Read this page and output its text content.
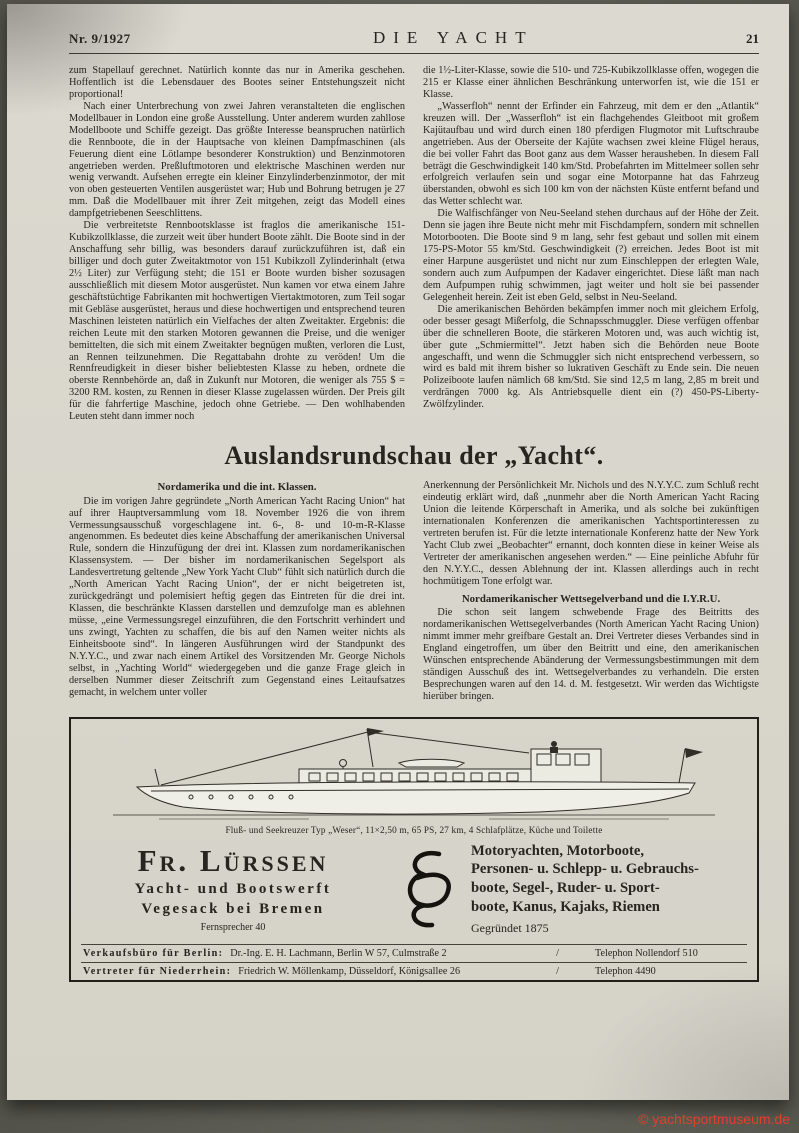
Nr. 9/1927	DIE YACHT	21

zum Stapellauf gerechnet. Natürlich konnte das nur in Amerika geschehen. Hoffentlich ist die Lebensdauer des Bootes seiner Entstehungszeit nicht proportional!

Nach einer Unterbrechung von zwei Jahren veranstalteten die englischen Modellbauer in London eine große Ausstellung. Unter anderem wurden zahllose Modellboote und Schiffe gezeigt. Das größte Interesse beanspruchen natürlich die Rennboote, die in der Hauptsache von kleinen Dampfmaschinen (als Feuerung dient eine Lötlampe besonderer Konstruktion) und Benzinmotoren angetrieben werden. Preßluftmotoren und elektrische Maschinen werden nur wenig verwandt. Aufsehen erregte ein kleiner Einzylinderbenzinmotor, der mit von oben gesteuerten Ventilen ausgerüstet war; Hub und Bohrung betrugen je 27 mm. Daß die Modellbauer mit ihrer Zeit mitgehen, zeigt das Modell eines dampfgetriebenen Seeschlittens.

Die verbreitetste Rennbootsklasse ist fraglos die amerikanische 151-Kubikzollklasse, die zurzeit weit über hundert Boote zählt. Die Boote sind in der Anschaffung sehr billig, was besonders darauf zurückzuführen ist, daß ein billiger und doch guter Zweitaktmotor von 151 Kubikzoll Zylinderinhalt (etwa 2½ Liter) zur Verfügung steht; die 151 er Boote wurden bisher sozusagen ausschließlich mit diesem Motor ausgerüstet. Nun kamen vor etwa einem Jahre geschäftstüchtige Fabrikanten mit hochwertigen Viertaktmotoren, zum Teil sogar mit Gebläse ausgerüstet, heraus und diese hochwertigen und entsprechend teuren Maschinen leisteten natürlich ein Vielfaches der alten Zweitakter. Ergebnis: die reichen Leute mit den starken Motoren gewannen die Preise, und die weniger bemittelten, die sich mit einem Zweitakter begnügen mußten, verloren die Lust, an Rennen teilzunehmen. Die Regattabahn drohte zu veröden! Um die Rennfreudigkeit in dieser bisher beliebtesten Klasse zu heben, ordnete die oberste Rennbehörde an, daß in Zukunft nur Motoren, die weniger als 755 $ = 3200 RM. kosten, zu Rennen in dieser Klasse zugelassen würden. Der Preis gilt für die fahrfertige Maschine, jedoch ohne Getriebe. — Den wohlhabenden Leuten steht dann immer noch

die 1½-Liter-Klasse, sowie die 510- und 725-Kubikzollklasse offen, wogegen die 215 er Klasse einer ähnlichen Beschränkung unterworfen ist, wie die 151 er Klasse.

„Wasserfloh“ nennt der Erfinder ein Fahrzeug, mit dem er den „Atlantik“ kreuzen will. Der „Wasserfloh“ ist ein flachgehendes Gleitboot mit großem Kajütaufbau und wird durch einen 180 pferdigen Flugmotor mit Luftschraube angetrieben. Aus der Oberseite der Kajüte wachsen zwei kleine Flügel heraus, die bei voller Fahrt das Boot ganz aus dem Wasser herausheben. In diesem Fall beträgt die Geschwindigkeit 140 km/Std. Probefahrten im Mittelmeer sollen sehr erfolgreich verlaufen sein und sogar eine Motorpanne hat das Fahrzeug überstanden, obwohl es sich 100 km von der nächsten Küste entfernt befand und das Wetter schlecht war.

Die Walfischfänger von Neu-Seeland stehen durchaus auf der Höhe der Zeit. Denn sie jagen ihre Beute nicht mehr mit Fischdampfern, sondern mit schnellen Motorbooten. Die Boote sind 9 m lang, sehr fest gebaut und sollen mit einem 175-PS-Motor 55 km/Std. Geschwindigkeit (?) erreichen. Jedes Boot ist mit einer Harpune ausgerüstet und nicht nur zum Einschleppen der erlegten Wale, sondern auch zum Aufpumpen der Kadaver eingerichtet. Diese läßt man nach dem Aufpumpen ruhig schwimmen, jagt weiter und holt sie bei passender Gelegenheit herein. Zeit ist eben Geld, selbst in Neu-Seeland.

Die amerikanischen Behörden bekämpfen immer noch mit gleichem Erfolg, oder besser gesagt Mißerfolg, die Schnapsschmuggler. Diese verfügen offenbar über die schnelleren Boote, die stärkeren Motoren und, was auch wichtig ist, über gute „Schmiermittel“. Jetzt haben sich die Behörden neue Boote angeschafft, und wenn die Schmuggler sich nicht entsprechend verbessern, so wird es bald mit ihrem bisher so lukrativen Geschäft zu Ende sein. Die neuen Polizeiboote laufen nämlich 68 km/Std. Sie sind 12,5 m lang, 2,85 m breit und verdrängen 7000 kg. Als Antriebsquelle dient ein (?) 450-PS-Liberty-Zwölfzylinder.

Auslandsrundschau der „Yacht“.
Nordamerika und die int. Klassen.

Die im vorigen Jahre gegründete „North American Yacht Racing Union“ hat auf ihrer Hauptversammlung vom 18. November 1926 die von ihrem Vermessungsausschuß vorgeschlagene int. 6-, 8- und 10-m-R-Klasse angenommen. Es bedeutet dies keine Abschaffung der amerikanischen Universal Rule, sondern die Hinzufügung der drei int. Klassen zum nordamerikanischen Klassensystem. — Der bisher im nordamerikanischen Segelsport als Landesvertretung geltende „New York Yacht Club“ fühlt sich natürlich durch die „North American Yacht Racing Union“, der er nicht beigetreten ist, zurückgedrängt und polemisiert heftig gegen das Eintreten für die drei int. Klassen, die beschränkte Klassen darstellen und demzufolge man es ablehnen müsse, „eine Vermessungsregel einzuführen, die den Fortschritt verhindert und uns zwingt, Yachten zu schaffen, die bis auf den Namen weiter nichts als Einheitsboote sind“. In längeren Ausführungen wird der Standpunkt des N.Y.Y.C., und zwar nach einem Artikel des Vorsitzenden Mr. George Nichols selbst, in „Yachting World“ wiedergegeben und die ganze Frage gleich in derselben Nummer dieser Zeitschrift zum Gegenstand eines Leitaufsatzes gemacht, in welchem unter voller

Anerkennung der Persönlichkeit Mr. Nichols und des N.Y.Y.C. zum Schluß recht eindeutig erklärt wird, daß „nunmehr aber die North American Yacht Racing Union die leitende Körperschaft in Amerika, und als solche bei zukünftigen internationalen Konferenzen die amerikanischen Yachtsportinteressen zu vertreten berufen ist. Für die letzte internationale Konferenz hatte der New York Yacht Club zwei „Beobachter“ ernannt, doch konnten diese in keiner Weise als Vertreter der amerikanischen angesehen werden.“ — Eine peinliche Abfuhr für den N.Y.Y.C., dessen Ablehnung der int. Klassen allerdings auch in recht hochmütigem Tone erfolgt war.

Nordamerikanischer Wettsegelverband und die I.Y.R.U.

Die schon seit langem schwebende Frage des Beitritts des nordamerikanischen Wettsegelverbandes (North American Yacht Racing Union) nimmt immer mehr greifbare Gestalt an. Drei Vertreter dieses Verbandes sind in England eingetroffen, um über den Beitritt und eine, den amerikanischen Wünschen entsprechende Abänderung der Vermessungsbestimmungen mit dem ständigen Ausschuß des int. Wettsegelverbandes zu verhandeln. Die ersten Besprechungen waren auf den 14. d. M. festgesetzt. Wir werden das Wichtigste hierüber bringen.

Fluß- und Seekreuzer Typ „Weser“, 11×2,50 m, 65 PS, 27 km, 4 Schlafplätze, Küche und Toilette
Fr. Lürssen
Yacht- und Bootswerft
Vegesack bei Bremen
Fernsprecher 40
Motoryachten, Motorboote,
Personen- u. Schlepp- u. Gebrauchs-
boote, Segel-, Ruder- u. Sport-
boote, Kanus, Kajaks, Riemen
Gegründet 1875
Verkaufsbüro für Berlin: Dr.-Ing. E. H. Lachmann, Berlin W 57, Culmstraße 2	/	Telephon Nollendorf 510
Vertreter für Niederrhein: Friedrich W. Möllenkamp, Düsseldorf, Königsallee 26	/	Telephon 4490
© yachtsportmuseum.de
